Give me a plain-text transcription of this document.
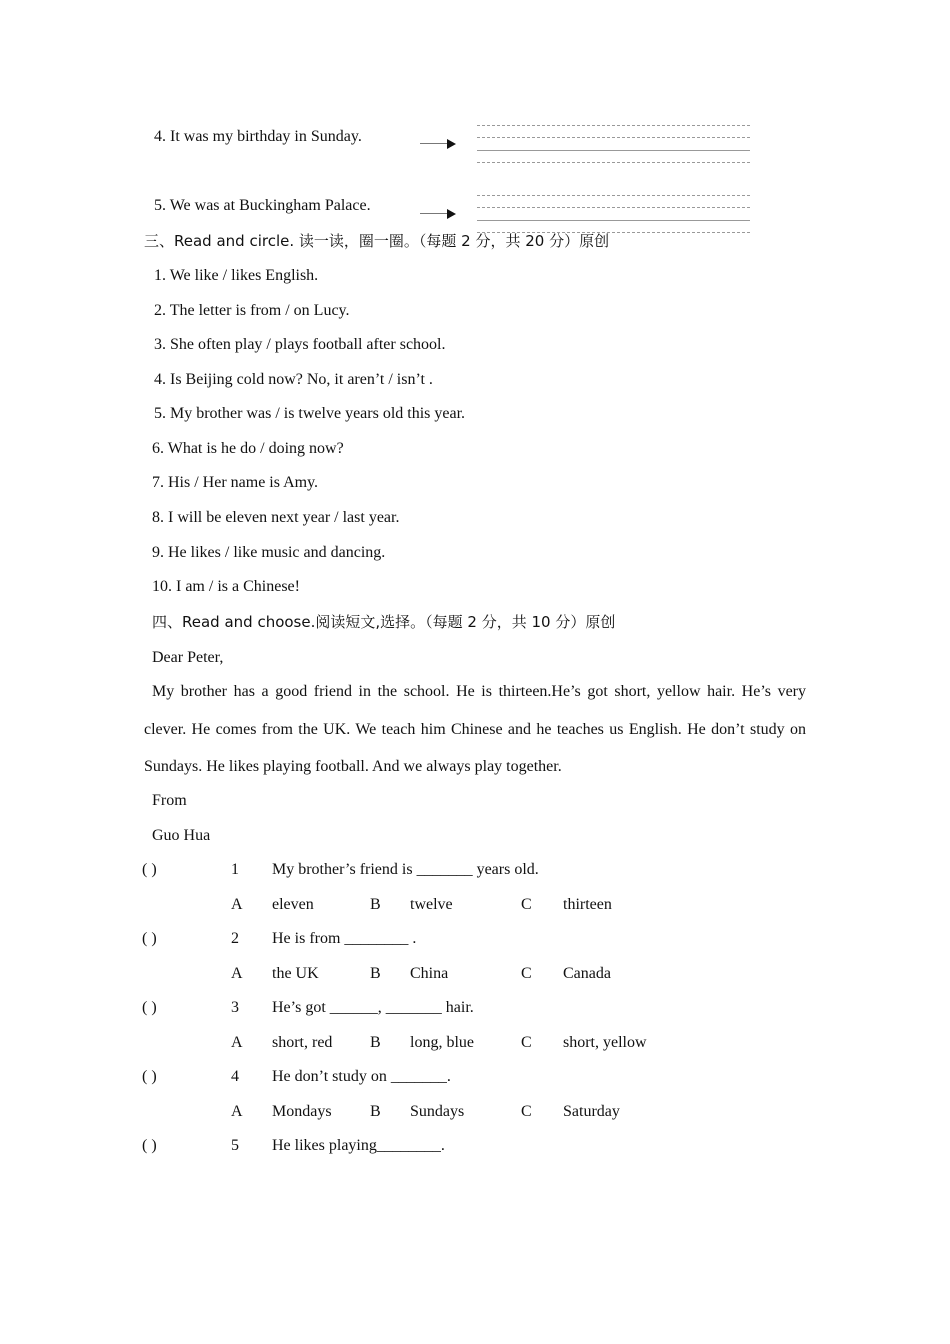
4. It was my birthday in Sunday.
5. We was at Buckingham Palace.
三、Read and circle. 读一读，圈一圈。（每题 2 分，共 20 分）原创
1. We like / likes English.
2. The letter is from / on Lucy.
3. She often play / plays football after school.
4. Is Beijing cold now? No, it aren’t / isn’t .
5. My brother was / is twelve years old this year.
6. What is he do / doing now?
7. His / Her name is Amy.
8. I will be eleven next year / last year.
9. He likes / like music and dancing.
10. I am / is a Chinese!
四、Read and choose.阅读短文,选择。（每题 2 分，共 10 分）原创
Dear Peter,
My brother has a good friend in the school. He is thirteen.He’s got short, yellow hair. He’s very clever. He comes from the UK. We teach him Chinese and he teaches us English. He don’t study on Sundays. He likes playing football. And we always play together.
From
Guo Hua
( )	1 My brother’s friend is _______ years old.
A eleven	B twelve	C thirteen
( )	2 He is from ________ .
A the UK	B China	C Canada
( )	3 He’s got ______, _______ hair.
A short, red B long, blue	C short, yellow
( )	4 He don’t study on _______.
A Mondays B Sundays	C Saturday
( )	5 He likes playing________.
